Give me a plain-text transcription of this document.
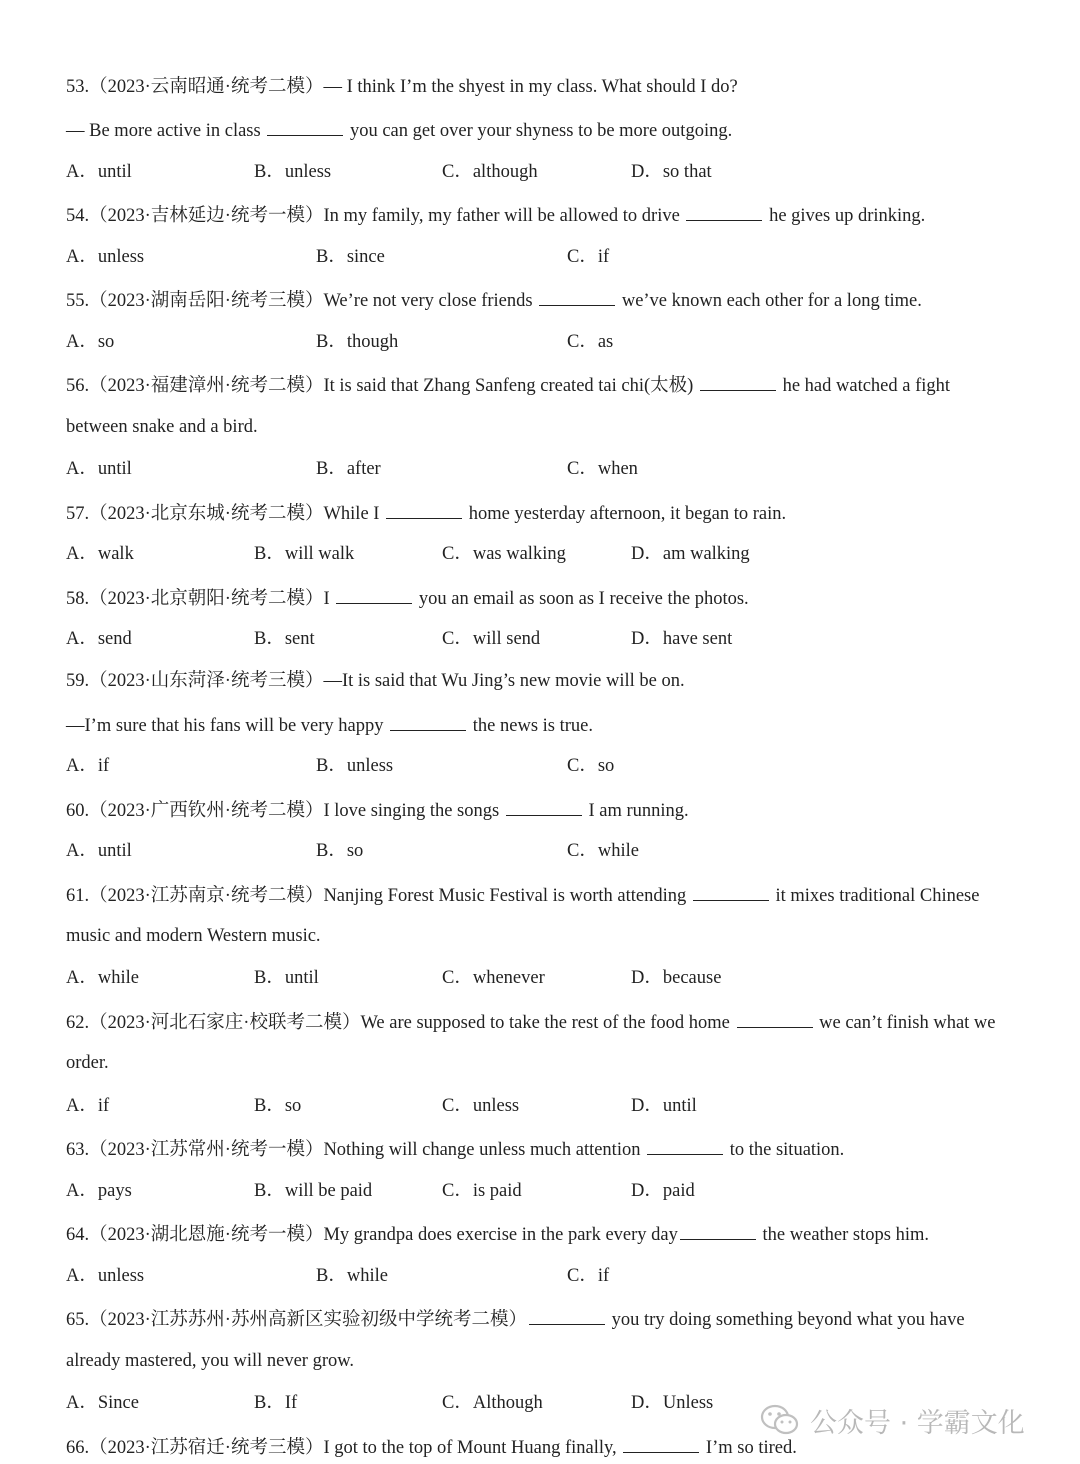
53.（2023·云南昭通·统考二模）— I think I’m the shyest in my class. What should I do?
— Be more active in class	you can get over your shyness to be more outgoing.
A．until	B．unless	C．although	D．so that
54.（2023·吉林延边·统考一模）In my family, my father will be allowed to drive	he gives up drinking.
A．unless	B．since	C．if
55.（2023·湖南岳阳·统考三模）We’re not very close friends	we’ve known each other for a long time.
A．so	B．though	C．as
56.（2023·福建漳州·统考二模）It is said that Zhang Sanfeng created tai chi(太极)	he had watched a fight
between snake and a bird.
A．until	B．after	C．when
57.（2023·北京东城·统考二模）While I	home yesterday afternoon, it began to rain.
A．walk	B．will walk	C．was walking	D．am walking
58.（2023·北京朝阳·统考二模）I	you an email as soon as I receive the photos.
A．send	B．sent	C．will send	D．have sent
59.（2023·山东菏泽·统考三模）—It is said that Wu Jing’s new movie will be on.
—I’m sure that his fans will be very happy	the news is true.
A．if	B．unless	C．so
60.（2023·广西钦州·统考二模）I love singing the songs	I am running.
A．until	B．so	C．while
61.（2023·江苏南京·统考二模）Nanjing Forest Music Festival is worth attending	it mixes traditional Chinese
music and modern Western music.
A．while	B．until	C．whenever	D．because
62.（2023·河北石家庄·校联考二模）We are supposed to take the rest of the food home	we can’t finish what we
order.
A．if	B．so	C．unless	D．until
63.（2023·江苏常州·统考一模）Nothing will change unless much attention	to the situation.
A．pays	B．will be paid	C．is paid	D．paid
64.（2023·湖北恩施·统考一模）My grandpa does exercise in the park every day	the weather stops him.
A．unless	B．while	C．if
65.（2023·江苏苏州·苏州高新区实验初级中学统考二模）	you try doing something beyond what you have
already mastered, you will never grow.
A．Since	B．If	C．Although	D．Unless
66.（2023·江苏宿迁·统考三模）I got to the top of Mount Huang finally,	I’m so tired.
公众号 · 学霸文化
